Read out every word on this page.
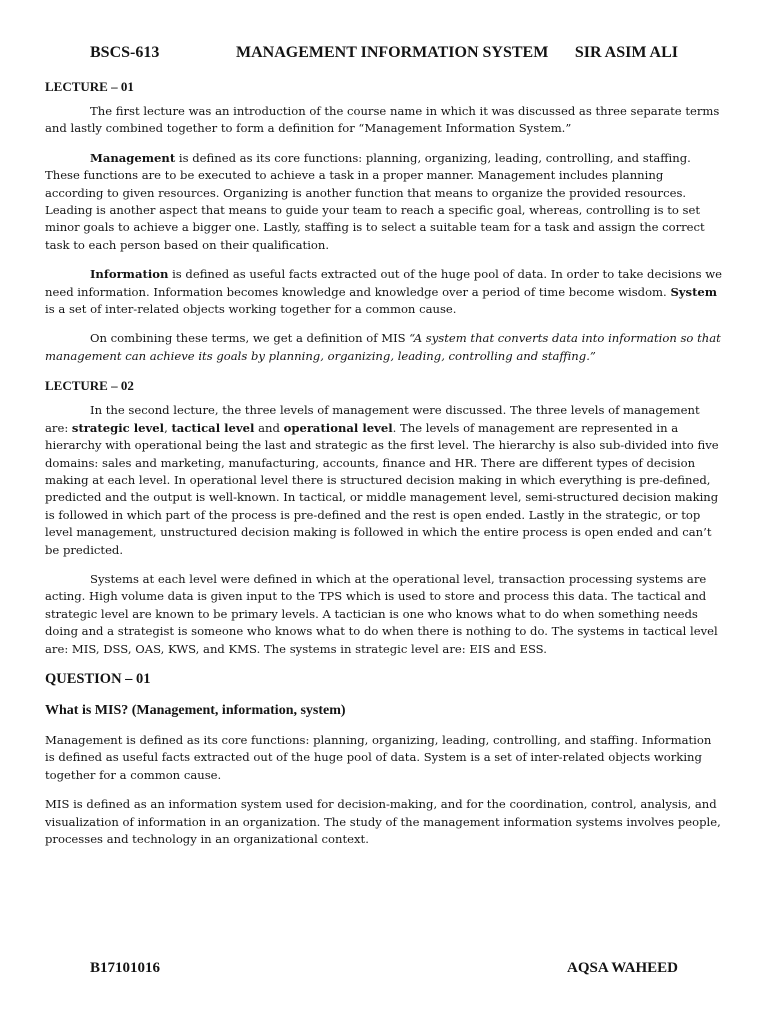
BSCS-613	MANAGEMENT INFORMATION SYSTEM SIR ASIM ALI
LECTURE – 01

The first lecture was an introduction of the course name in which it was discussed as three separate terms and lastly combined together to form a definition for “Management Information System.”

Management is defined as its core functions: planning, organizing, leading, controlling, and staffing. These functions are to be executed to achieve a task in a proper manner. Management includes planning according to given resources. Organizing is another function that means to organize the provided resources. Leading is another aspect that means to guide your team to reach a specific goal, whereas, controlling is to set minor goals to achieve a bigger one. Lastly, staffing is to select a suitable team for a task and assign the correct task to each person based on their qualification.

Information is defined as useful facts extracted out of the huge pool of data. In order to take decisions we need information. Information becomes knowledge and knowledge over a period of time become wisdom. System is a set of inter-related objects working together for a common cause.

On combining these terms, we get a definition of MIS “A system that converts data into information so that management can achieve its goals by planning, organizing, leading, controlling and staffing.”

LECTURE – 02

In the second lecture, the three levels of management were discussed. The three levels of management are: strategic level, tactical level and operational level. The levels of management are represented in a hierarchy with operational being the last and strategic as the first level. The hierarchy is also sub-divided into five domains: sales and marketing, manufacturing, accounts, finance and HR. There are different types of decision making at each level. In operational level there is structured decision making in which everything is pre-defined, predicted and the output is well-known. In tactical, or middle management level, semi-structured decision making is followed in which part of the process is pre-defined and the rest is open ended. Lastly in the strategic, or top level management, unstructured decision making is followed in which the entire process is open ended and can’t be predicted.

Systems at each level were defined in which at the operational level, transaction processing systems are acting. High volume data is given input to the TPS which is used to store and process this data. The tactical and strategic level are known to be primary levels. A tactician is one who knows what to do when something needs doing and a strategist is someone who knows what to do when there is nothing to do. The systems in tactical level are: MIS, DSS, OAS, KWS, and KMS. The systems in strategic level are: EIS and ESS.

QUESTION – 01
What is MIS? (Management, information, system)

Management is defined as its core functions: planning, organizing, leading, controlling, and staffing. Information is defined as useful facts extracted out of the huge pool of data. System is a set of inter-related objects working together for a common cause.

MIS is defined as an information system used for decision-making, and for the coordination, control, analysis, and visualization of information in an organization. The study of the management information systems involves people, processes and technology in an organizational context.

B17101016	AQSA WAHEED
